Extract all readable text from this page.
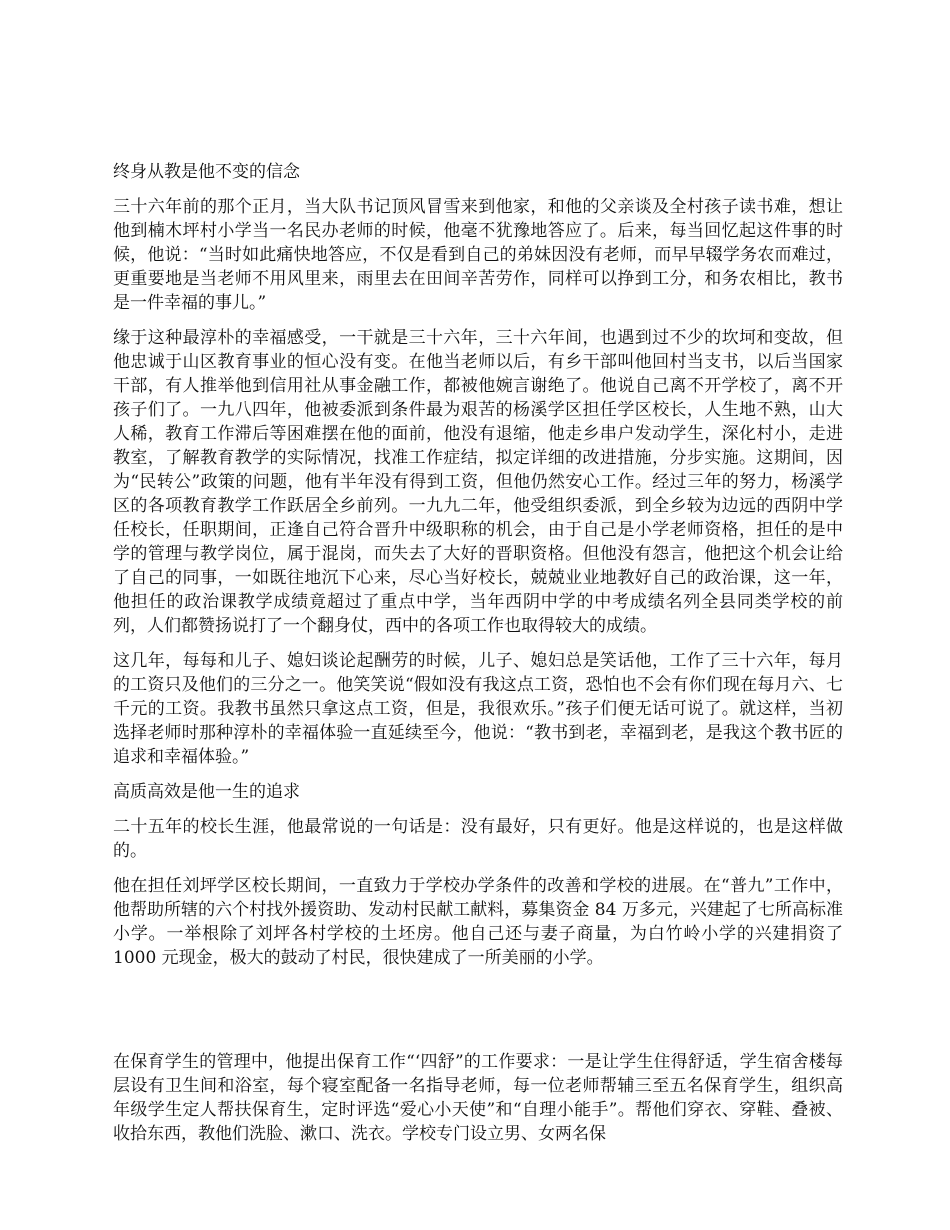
终身从教是他不变的信念

三十六年前的那个正月，当大队书记顶风冒雪来到他家，和他的父亲谈及全村孩子读书难，想让他到楠木坪村小学当一名民办老师的时候，他毫不犹豫地答应了。后来，每当回忆起这件事的时候，他说：“当时如此痛快地答应，不仅是看到自己的弟妹因没有老师，而早早辍学务农而难过，更重要地是当老师不用风里来，雨里去在田间辛苦劳作，同样可以挣到工分，和务农相比，教书是一件幸福的事儿。”

缘于这种最淳朴的幸福感受，一干就是三十六年，三十六年间，也遇到过不少的坎坷和变故，但他忠诚于山区教育事业的恒心没有变。在他当老师以后，有乡干部叫他回村当支书，以后当国家干部，有人推举他到信用社从事金融工作，都被他婉言谢绝了。他说自己离不开学校了，离不开孩子们了。一九八四年，他被委派到条件最为艰苦的杨溪学区担任学区校长，人生地不熟，山大人稀，教育工作滞后等困难摆在他的面前，他没有退缩，他走乡串户发动学生，深化村小，走进教室，了解教育教学的实际情况，找准工作症结，拟定详细的改进措施，分步实施。这期间，因为“民转公”政策的问题，他有半年没有得到工资，但他仍然安心工作。经过三年的努力，杨溪学区的各项教育教学工作跃居全乡前列。一九九二年，他受组织委派，到全乡较为边远的西阴中学任校长，任职期间，正逢自己符合晋升中级职称的机会，由于自己是小学老师资格，担任的是中学的管理与教学岗位，属于混岗，而失去了大好的晋职资格。但他没有怨言，他把这个机会让给了自己的同事，一如既往地沉下心来，尽心当好校长，兢兢业业地教好自己的政治课，这一年，他担任的政治课教学成绩竟超过了重点中学，当年西阴中学的中考成绩名列全县同类学校的前列，人们都赞扬说打了一个翻身仗，西中的各项工作也取得较大的成绩。

这几年，每每和儿子、媳妇谈论起酬劳的时候，儿子、媳妇总是笑话他，工作了三十六年，每月的工资只及他们的三分之一。他笑笑说“假如没有我这点工资，恐怕也不会有你们现在每月六、七千元的工资。我教书虽然只拿这点工资，但是，我很欢乐。”孩子们便无话可说了。就这样，当初选择老师时那种淳朴的幸福体验一直延续至今，他说：“教书到老，幸福到老，是我这个教书匠的追求和幸福体验。”

高质高效是他一生的追求

二十五年的校长生涯，他最常说的一句话是：没有最好，只有更好。他是这样说的，也是这样做的。

他在担任刘坪学区校长期间，一直致力于学校办学条件的改善和学校的进展。在“普九”工作中，他帮助所辖的六个村找外援资助、发动村民献工献料，募集资金 84 万多元，兴建起了七所高标准小学。一举根除了刘坪各村学校的土坯房。他自己还与妻子商量，为白竹岭小学的兴建捐资了 1000 元现金，极大的鼓动了村民，很快建成了一所美丽的小学。

在保育学生的管理中，他提出保育工作“‘四舒”的工作要求：一是让学生住得舒适，学生宿舍楼每层设有卫生间和浴室，每个寝室配备一名指导老师，每一位老师帮辅三至五名保育学生，组织高年级学生定人帮扶保育生，定时评选“爱心小天使”和“自理小能手”。帮他们穿衣、穿鞋、叠被、收拾东西，教他们洗脸、漱口、洗衣。学校专门设立男、女两名保
